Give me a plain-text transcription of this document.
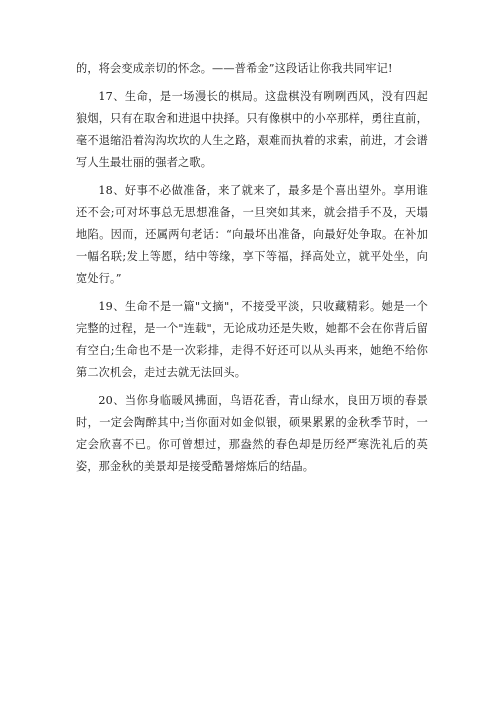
的，将会变成亲切的怀念。——普希金”这段话让你我共同牢记!

17、生命，是一场漫长的棋局。这盘棋没有咧咧西风，没有四起狼烟，只有在取舍和进退中抉择。只有像棋中的小卒那样，勇往直前，毫不退缩沿着沟沟坎坎的人生之路，艰难而执着的求索，前进，才会谱写人生最壮丽的强者之歌。

18、好事不必做准备，来了就来了，最多是个喜出望外。享用谁还不会;可对坏事总无思想准备，一旦突如其来，就会措手不及，天塌地陷。因而，还属两句老话：“向最坏出准备，向最好处争取。在补加一幅名联;发上等愿，结中等缘，享下等福，择高处立，就平处坐，向宽处行。”

19、生命不是一篇"文摘"，不接受平淡，只收藏精彩。她是一个完整的过程，是一个"连载"，无论成功还是失败，她都不会在你背后留有空白;生命也不是一次彩排，走得不好还可以从头再来，她绝不给你第二次机会，走过去就无法回头。

20、当你身临暖风拂面，鸟语花香，青山绿水，良田万顷的春景时，一定会陶醉其中;当你面对如金似银，硕果累累的金秋季节时，一定会欣喜不已。你可曾想过，那盎然的春色却是历经严寒洗礼后的英姿，那金秋的美景却是接受酷暑熔炼后的结晶。
